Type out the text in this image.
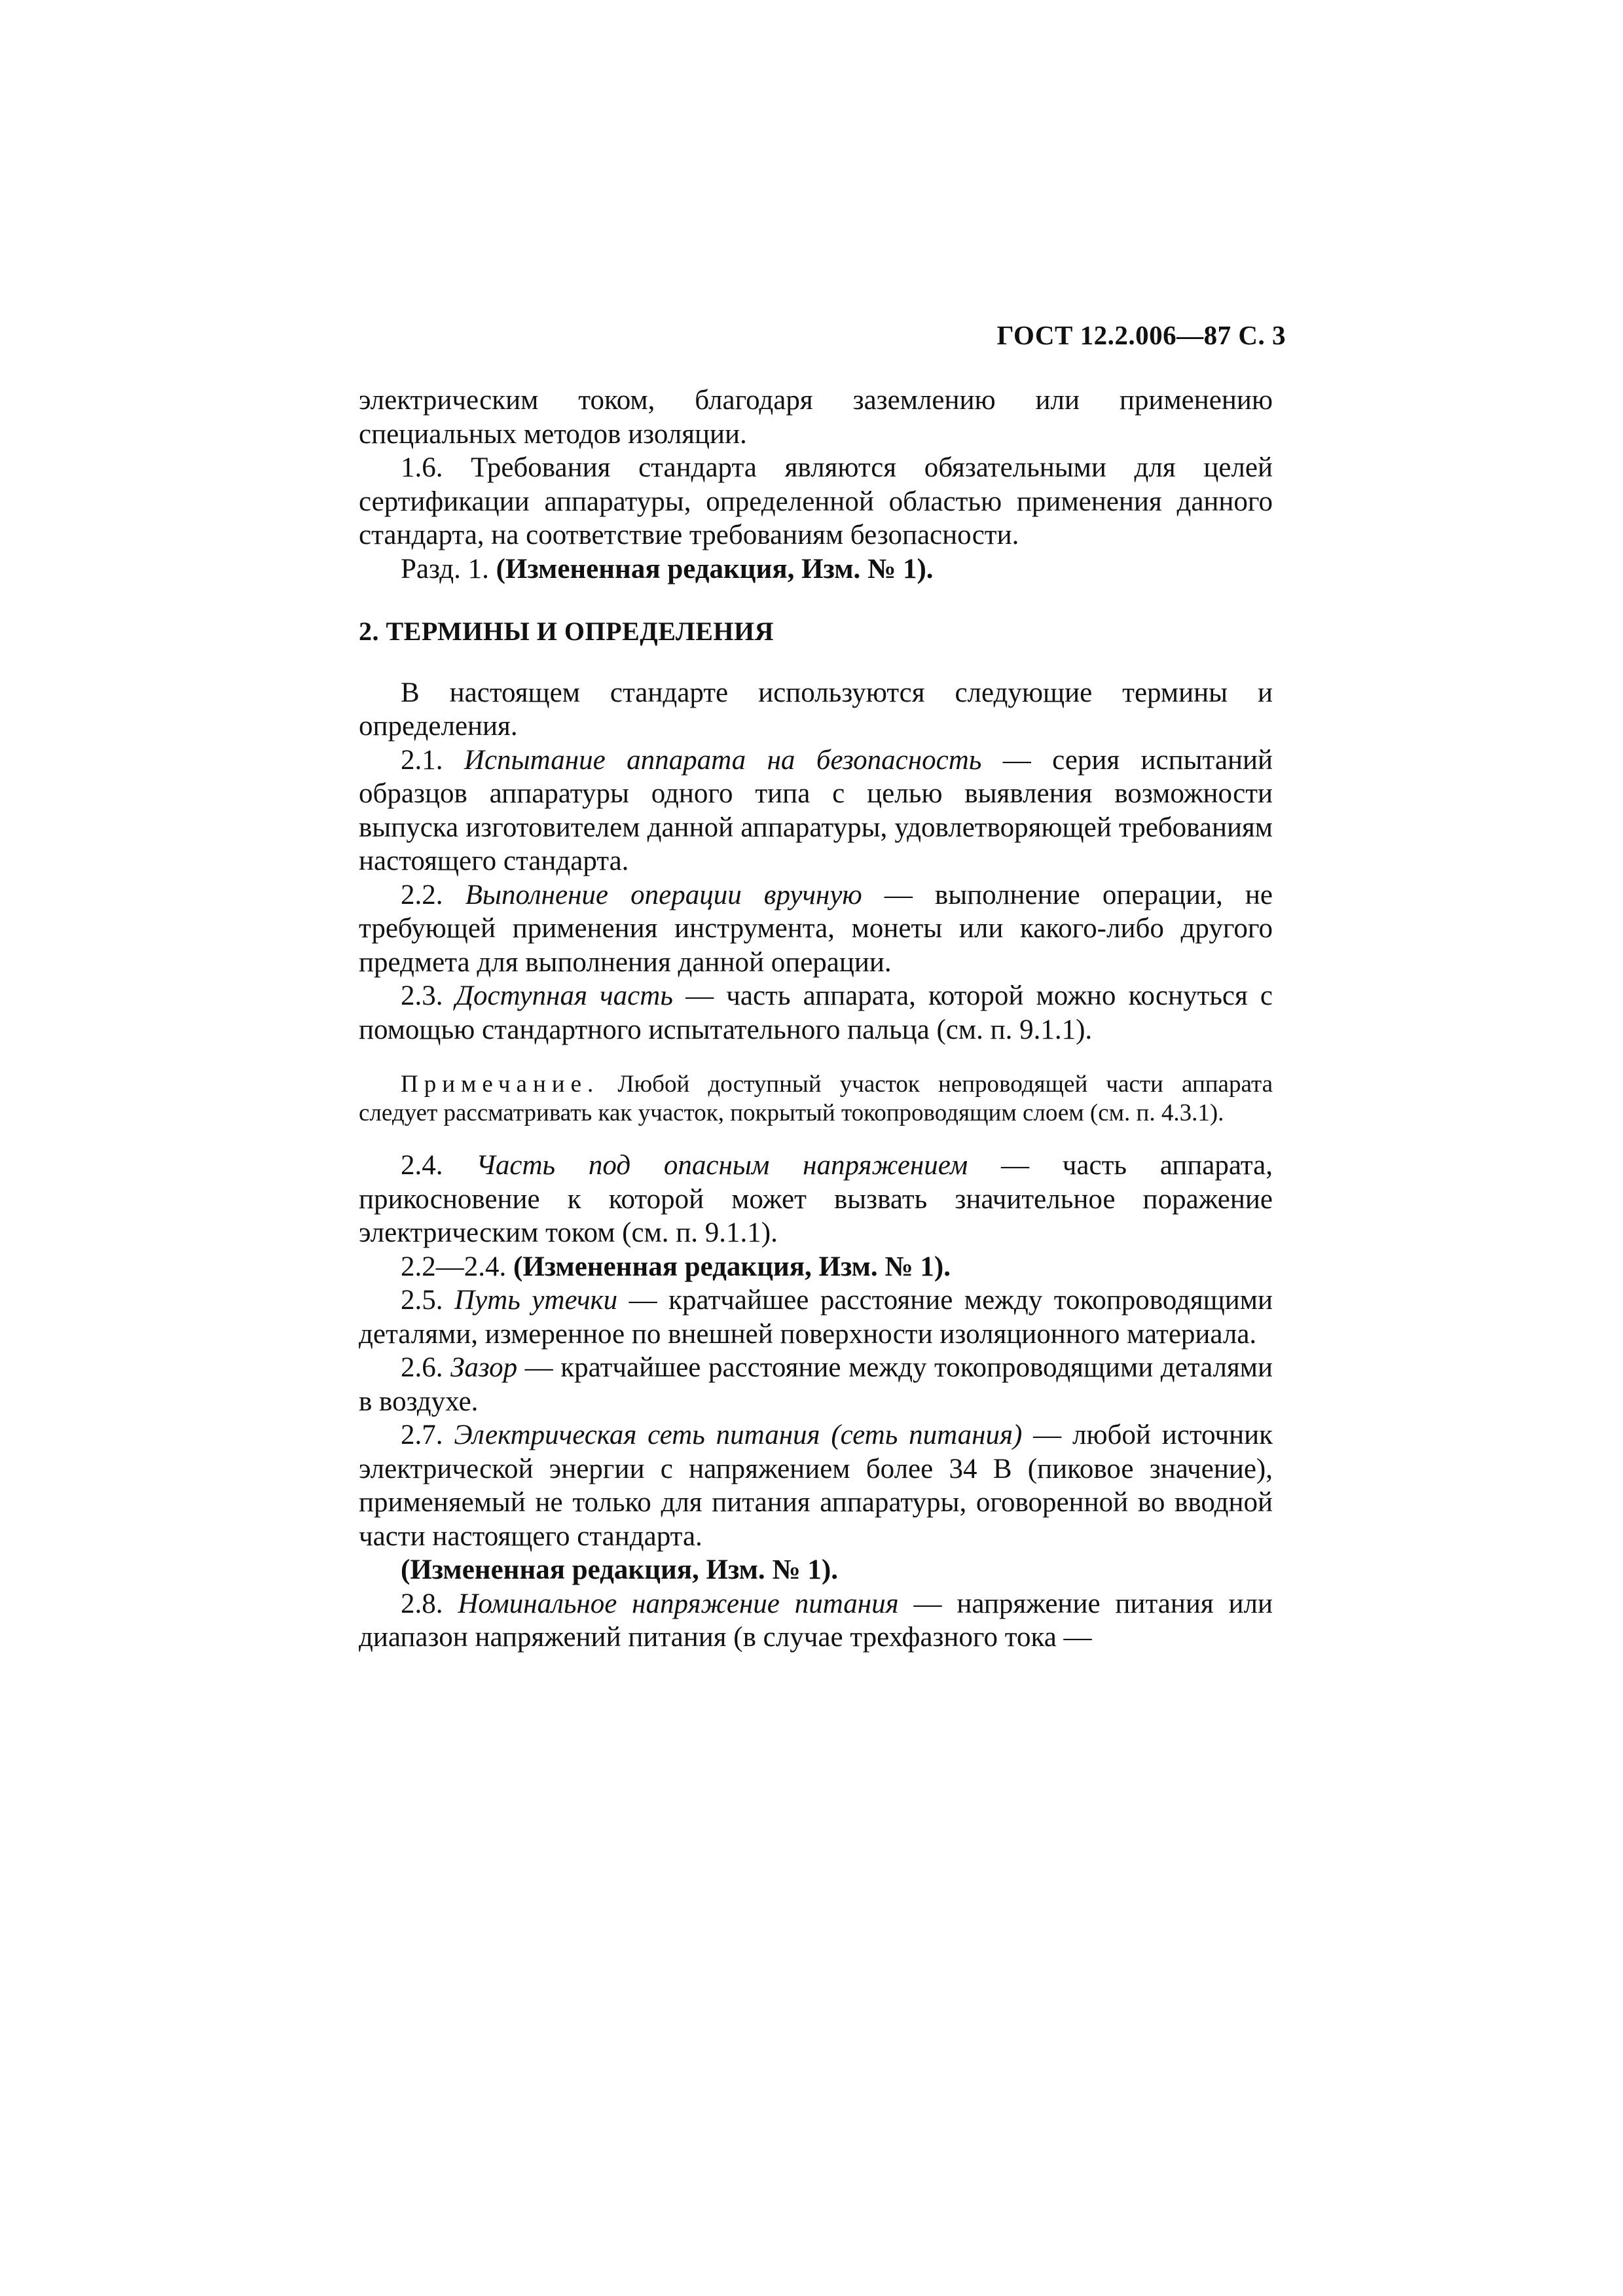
ГОСТ 12.2.006—87 С. 3

электрическим током, благодаря заземлению или применению специальных методов изоляции.

1.6. Требования стандарта являются обязательными для целей сертификации аппаратуры, определенной областью применения данного стандарта, на соответствие требованиям безопасности.

Разд. 1. (Измененная редакция, Изм. № 1).

2. ТЕРМИНЫ И ОПРЕДЕЛЕНИЯ

В настоящем стандарте используются следующие термины и определения.

2.1. Испытание аппарата на безопасность — серия испытаний образцов аппаратуры одного типа с целью выявления возможности выпуска изготовителем данной аппаратуры, удовлетворяющей требованиям настоящего стандарта.

2.2. Выполнение операции вручную — выполнение операции, не требующей применения инструмента, монеты или какого-либо другого предмета для выполнения данной операции.

2.3. Доступная часть — часть аппарата, которой можно коснуться с помощью стандартного испытательного пальца (см. п. 9.1.1).

Примечание. Любой доступный участок непроводящей части аппарата следует рассматривать как участок, покрытый токопроводящим слоем (см. п. 4.3.1).

2.4. Часть под опасным напряжением — часть аппарата, прикосновение к которой может вызвать значительное поражение электрическим током (см. п. 9.1.1).

2.2—2.4. (Измененная редакция, Изм. № 1).

2.5. Путь утечки — кратчайшее расстояние между токопроводящими деталями, измеренное по внешней поверхности изоляционного материала.

2.6. Зазор — кратчайшее расстояние между токопроводящими деталями в воздухе.

2.7. Электрическая сеть питания (сеть питания) — любой источник электрической энергии с напряжением более 34 В (пиковое значение), применяемый не только для питания аппаратуры, оговоренной во вводной части настоящего стандарта.

(Измененная редакция, Изм. № 1).

2.8. Номинальное напряжение питания — напряжение питания или диапазон напряжений питания (в случае трехфазного тока —
